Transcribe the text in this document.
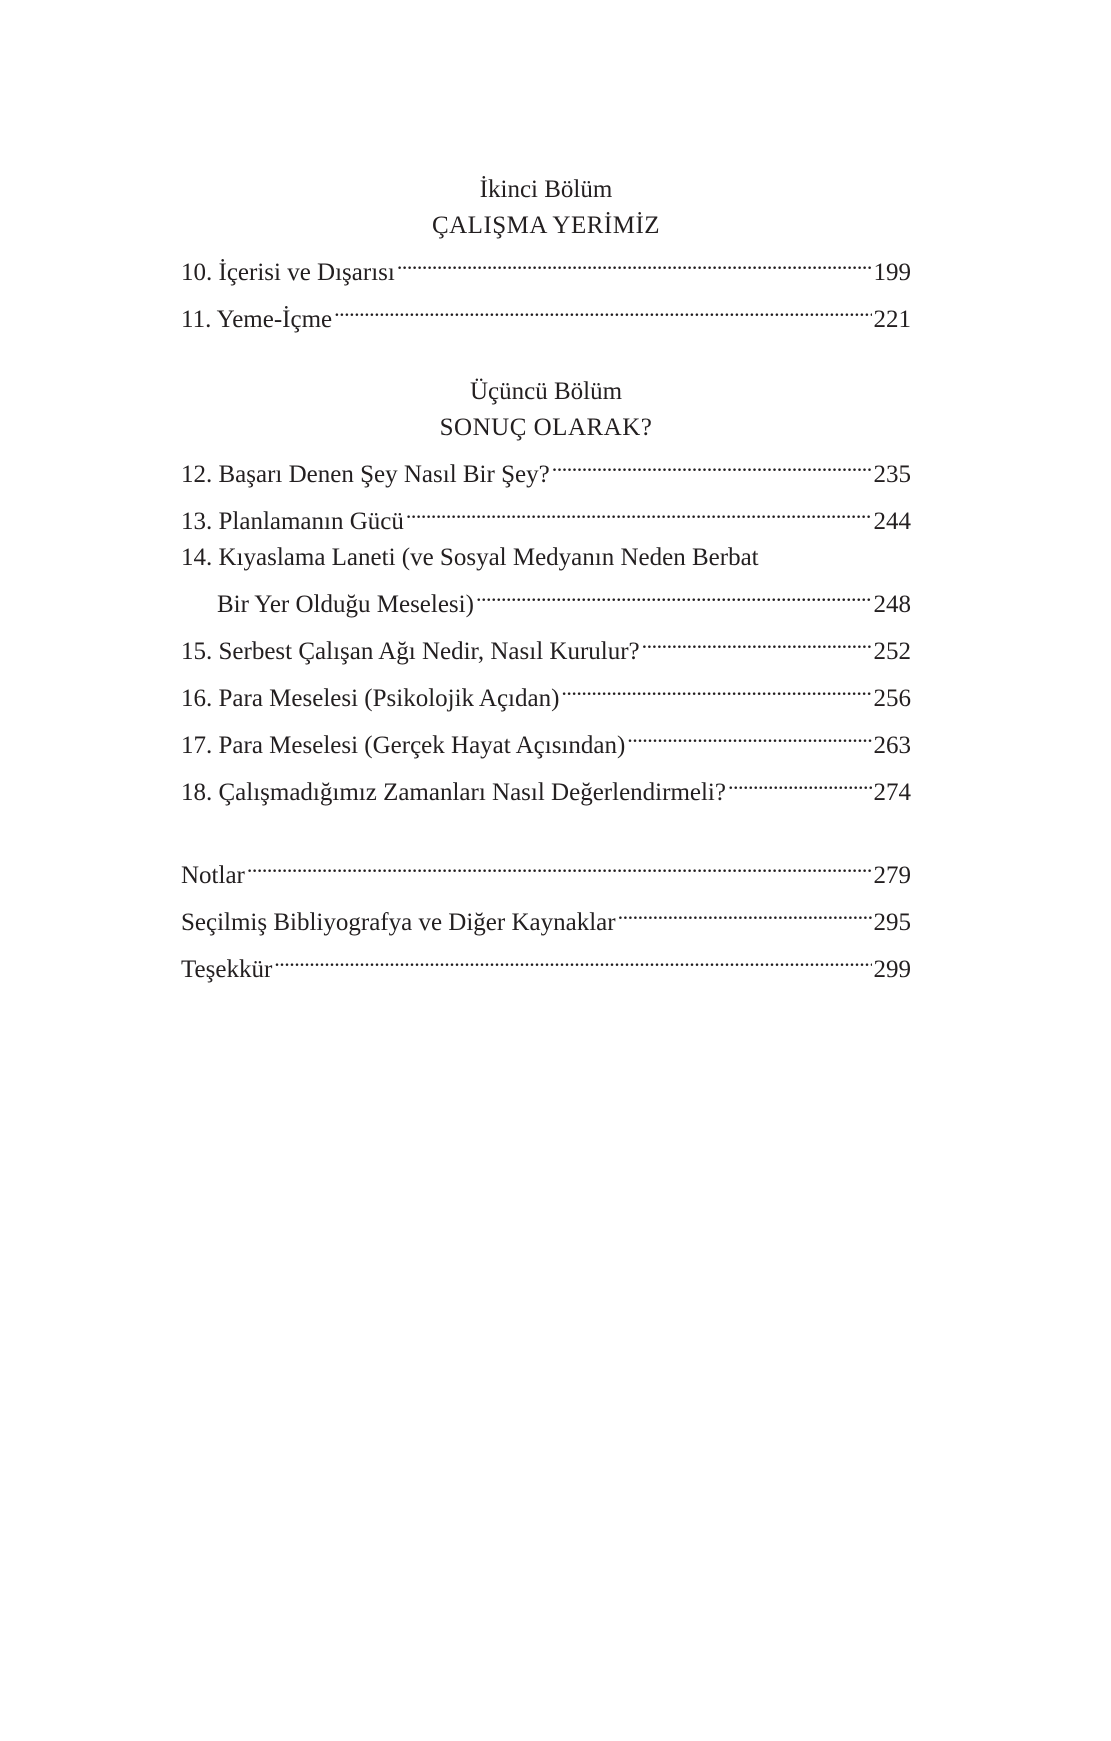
İkinci Bölüm
ÇALIŞMA YERİMİZ
10. İçerisi ve Dışarısı . . .	199
11. Yeme-İçme . . .	221
Üçüncü Bölüm
SONUÇ OLARAK?
12. Başarı Denen Şey Nasıl Bir Şey? . . .	235
13. Planlamanın Gücü . . .	244
14. Kıyaslama Laneti (ve Sosyal Medyanın Neden Berbat
Bir Yer Olduğu Meselesi) . . .	248
15. Serbest Çalışan Ağı Nedir, Nasıl Kurulur? . . .	252
16. Para Meselesi (Psikolojik Açıdan) . . .	256
17. Para Meselesi (Gerçek Hayat Açısından) . . .	263
18. Çalışmadığımız Zamanları Nasıl Değerlendirmeli? . . .	274
Notlar . . .	279
Seçilmiş Bibliyografya ve Diğer Kaynaklar . . .	295
Teşekkür . . .	299
